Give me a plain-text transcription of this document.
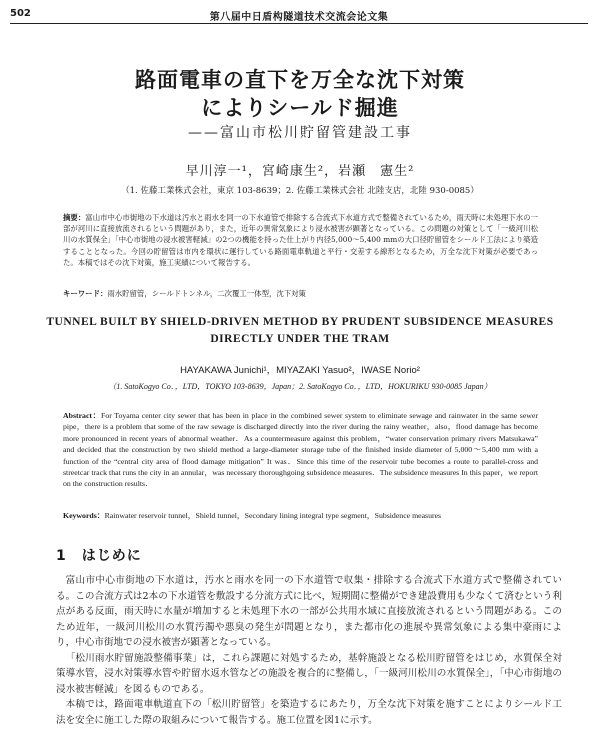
502	第八届中日盾构隧道技术交流会论文集
路面電車の直下を万全な沈下対策
によりシールド掘進
——富山市松川貯留管建設工事
早川淳一¹，宮崎康生²，岩瀬　憲生²
（1. 佐藤工業株式会社，東京 103-8639；2. 佐藤工業株式会社 北陸支店，北陸 930-0085）
摘要：富山市中心市街地の下水道は汚水と雨水を同一の下水道管で排除する合流式下水道方式で整備されているため，雨天時に未処理下水の一部が河川に直接放流されるという問題があり，また，近年の異常気象により浸水被害が顕著となっている。この問題の対策として「一級河川松川の水質保全」「中心市街地の浸水被害軽減」の2つの機能を持った仕上がり内径5,000～5,400 mmの大口径貯留管をシールド工法により築造することとなった。今回の貯留管は市内を環状に運行している路面電車軌道と平行・交差する線形となるため，万全な沈下対策が必要であった。本稿ではその沈下対策，施工実績について報告する。
キーワード：雨水貯留管，シールドトンネル，二次覆工一体型，沈下対策
TUNNEL BUILT BY SHIELD-DRIVEN METHOD BY PRUDENT SUBSIDENCE MEASURES DIRECTLY UNDER THE TRAM
HAYAKAWA Junichi¹，MIYAZAKI Yasuo²，IWASE Norio²
（1. SatoKogyo Co．，LTD，TOKYO 103-8639，Japan；2. SatoKogyo Co．，LTD，HOKURIKU 930-0085 Japan）
Abstract：For Toyama center city sewer that has been in place in the combined sewer system to eliminate sewage and rainwater in the same sewer pipe，there is a problem that some of the raw sewage is discharged directly into the river during the rainy weather，also，flood damage has become more pronounced in recent years of abnormal weather．As a countermeasure against this problem，“water conservation primary rivers Matsukawa” and decided that the construction by two shield method a large-diameter storage tube of the finished inside diameter of 5,000～5,400 mm with a function of the “central city area of flood damage mitigation” It was．Since this time of the reservoir tube becomes a route to parallel-cross and streetcar track that runs the city in an annular，was necessary thoroughgoing subsidence measures．The subsidence measures In this paper，we report on the construction results．
Keywords：Rainwater reservoir tunnel，Shield tunnel，Secondary lining integral type segment，Subsidence measures
1　はじめに

富山市中心市街地の下水道は，汚水と雨水を同一の下水道管で収集・排除する合流式下水道方式で整備されている。この合流方式は2本の下水道管を敷設する分流方式に比べ，短期間に整備ができ建設費用も少なくて済むという利点がある反面，雨天時に水量が増加すると未処理下水の一部が公共用水域に直接放流されるという問題がある。このため近年，一級河川松川の水質汚濁や悪臭の発生が問題となり，また都市化の進展や異常気象による集中豪雨により，中心市街地での浸水被害が顕著となっている。

「松川雨水貯留施設整備事業」は，これら課題に対処するため，基幹施設となる松川貯留管をはじめ，水質保全対策導水管，浸水対策導水管や貯留水返水管などの施設を複合的に整備し，「一級河川松川の水質保全」，「中心市街地の浸水被害軽減」を図るものである。

本稿では，路面電車軌道直下の「松川貯留管」を築造するにあたり，万全な沈下対策を施すことによりシールド工法を安全に施工した際の取組みについて報告する。施工位置を図1に示す。
